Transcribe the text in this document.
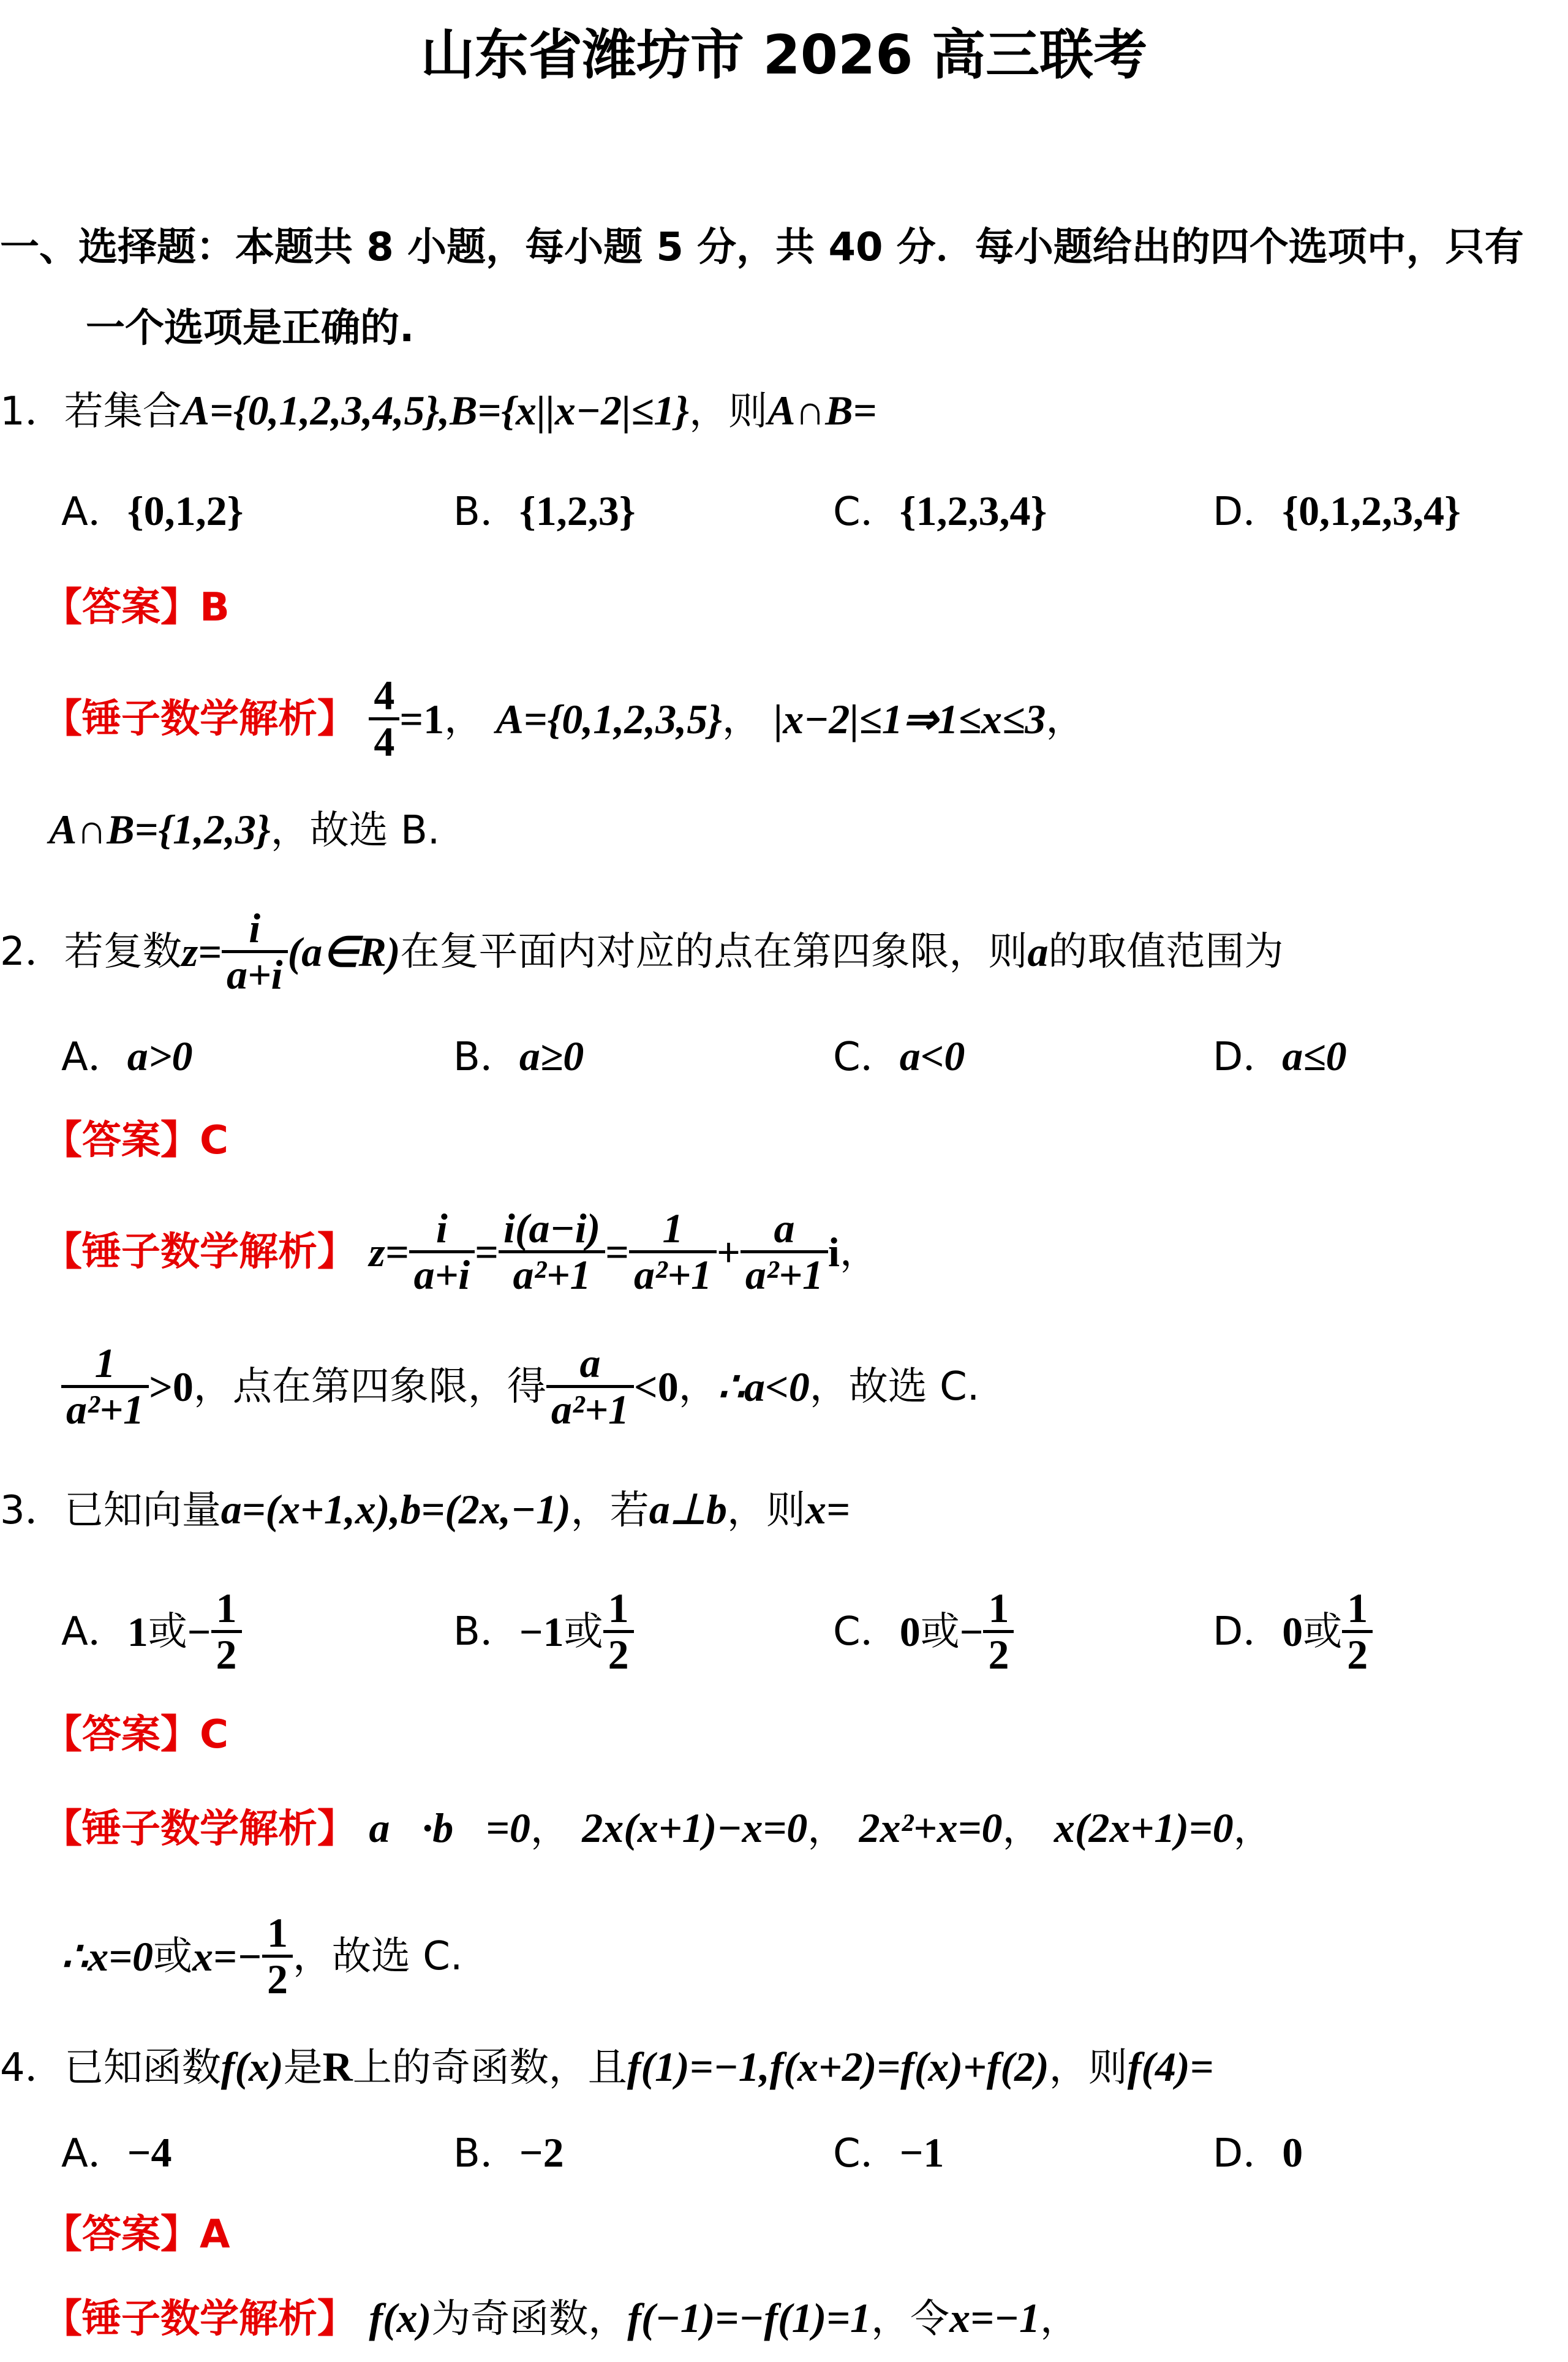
山东省潍坊市 2026 高三联考
一、选择题：本题共 8 小题，每小题 5 分，共 40 分．每小题给出的四个选项中，只有
一个选项是正确的.
1．若集合A={0,1,2,3,4,5},B={x||x−2|≤1}，则A∩B=
A．{0,1,2}	B．{1,2,3}	C．{1,2,3,4}	D．{0,1,2,3,4}
【答案】B
【锤子数学解析】 $\frac{4}{4} =1$， A={0,1,2,3,5}， |x−2|≤1⇒1≤x≤3，
A∩B={1,2,3}，故选 B.
2．若复数$z= \frac{i}{a+i}$ (a∈R)在复平面内对应的点在第四象限，则a的取值范围为
A．a>0	B．a≥0	C．a<0	D．a≤0
【答案】C
【锤子数学解析】 $z= \frac{i}{a+i} = \frac{i(a-i)}{\text{a²+1}} = \frac{1}{\text{a²+1}} + \frac{a}{\text{a²+1}}$ i，
$\frac{1}{\text{a²+1}} >0$，点在第四象限，得 $\frac{a}{\text{a²+1}} <0$，∴a<0，故选 C.
3．已知向量a=(x+1,x),b=(2x,−1)，若a⊥b，则x=
A．1或− $\frac{1}{2}$	B．−1或 $\frac{1}{2}$	C．0或− $\frac{1}{2}$	D．0或 $\frac{1}{2}$
【答案】C
【锤子数学解析】 a⃗·b⃗=0， 2x(x+1)−x=0， 2x²+x=0， x(2x+1)=0，
∴x=0或$x=- \frac{1}{2}$ ，故选 C.
4．已知函数f(x)是R上的奇函数，且f(1)=−1,f(x+2)=f(x)+f(2)，则f(4)=
A．−4	B．−2	C．−1	D．0
【答案】A
【锤子数学解析】 f(x)为奇函数，f(−1)=−f(1)=1，令x=−1，
